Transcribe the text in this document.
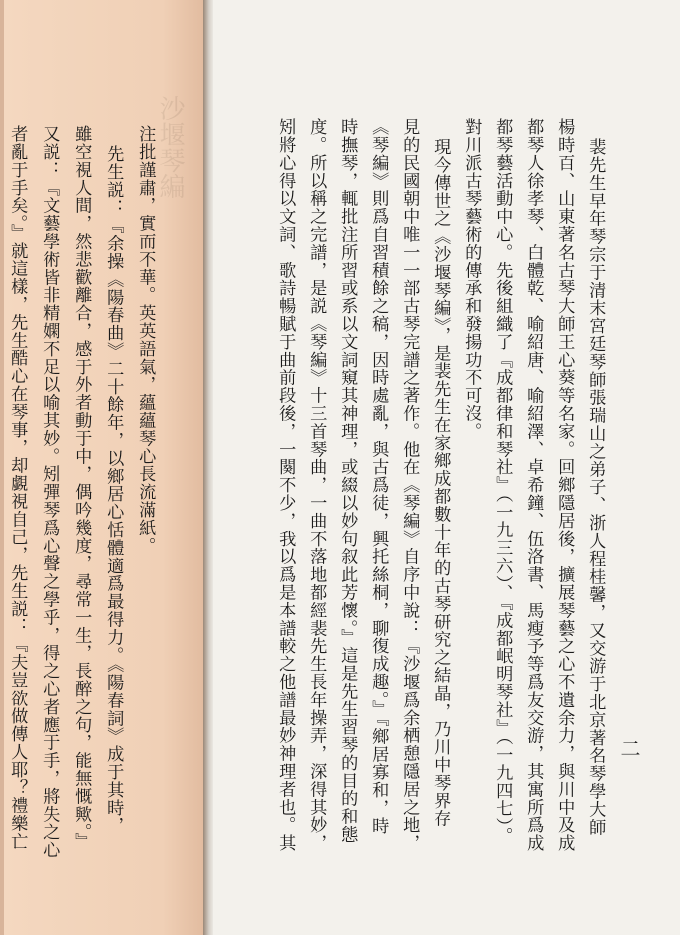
沙堰琴編
注批謹肅，實而不華。英英語氣，蘊蘊琴心長流滿紙。
先生説：『余操《陽春曲》二十餘年，以鄉居心恬體適爲最得力。《陽春詞》成于其時，
雖空視人間，然悲歡離合，感于外者動于中，偶吟幾度，尋常一生，長醉之句，能無慨歟。』
又説：『文藝學術皆非精嫻不足以喻其妙。矧彈琴爲心聲之學乎，得之心者應于手，將失之心
者亂于手矣。』就這樣，先生酷心在琴事，却覷視自己，先生説：『夫豈欲做傳人耶？禮樂亡	裴先生早年琴宗于清末宮廷琴師張瑞山之弟子、浙人程桂馨，又交游于北京著名琴學大師
楊時百、山東著名古琴大師王心葵等名家。回鄉隱居後，擴展琴藝之心不遺余力，與川中及成
都琴人徐孝琴、白體乾、喻紹唐、喻紹澤、卓希鐘、伍洛書、馬瘦予等爲友交游，其寓所爲成
都琴藝活動中心。先後組織了『成都律和琴社』（一九三六）、『成都岷明琴社』（一九四七）。
對川派古琴藝術的傳承和發揚功不可沒。
現今傳世之《沙堰琴編》，是裴先生在家鄉成都數十年的古琴研究之結晶，乃川中琴界存
見的民國朝中唯一一部古琴完譜之著作。他在《琴編》自序中說：『沙堰爲余栖憩隱居之地，
《琴編》則爲自習積餘之稿，因時處亂，與古爲徒，興托絲桐，聊復成趣。』『鄉居寡和，時
時撫琴，輒批注所習或系以文詞窺其神理，或綴以妙句叙此芳懷。』這是先生習琴的目的和態
度。所以稱之完譜，是説《琴編》十三首琴曲，一曲不落地都經裴先生長年操弄，深得其妙，
矧將心得以文詞、歌詩暢賦于曲前段後，一闋不少，我以爲是本譜較之他譜最妙神理者也。其	二
